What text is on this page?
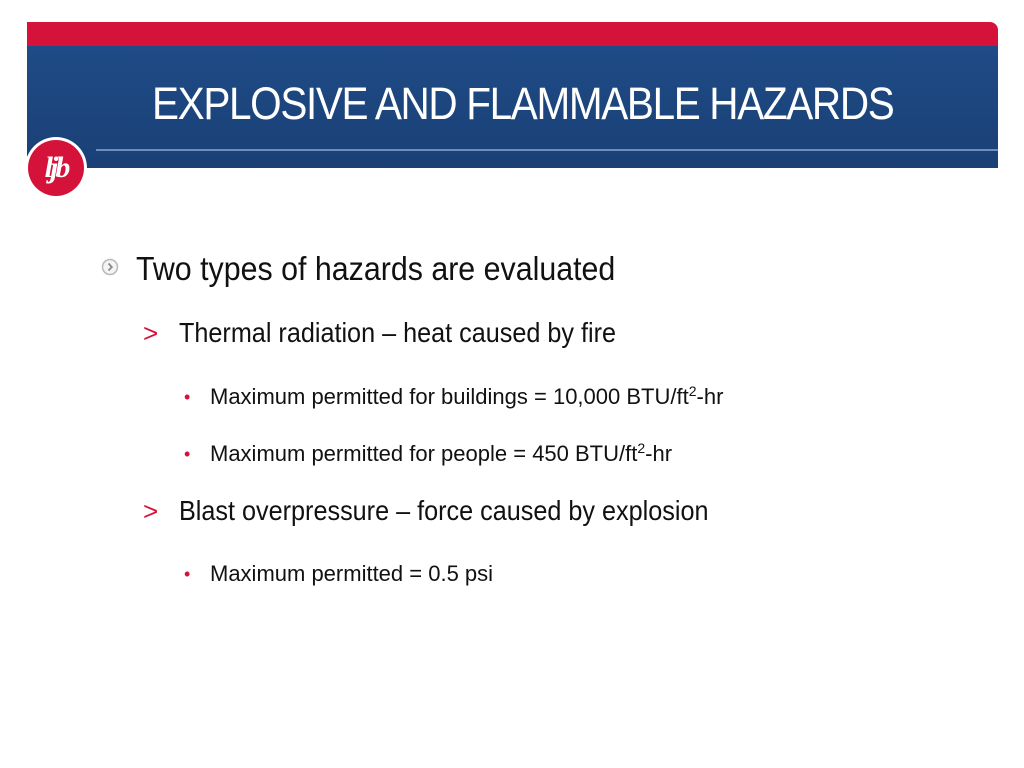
EXPLOSIVE AND FLAMMABLE HAZARDS
ljb
Two types of hazards are evaluated
> Thermal radiation – heat caused by fire
• Maximum permitted for buildings = 10,000 BTU/$ft^2-hr$
• Maximum permitted for people = 450 BTU/$ft^2-hr$
> Blast overpressure – force caused by explosion
• Maximum permitted = 0.5 psi
